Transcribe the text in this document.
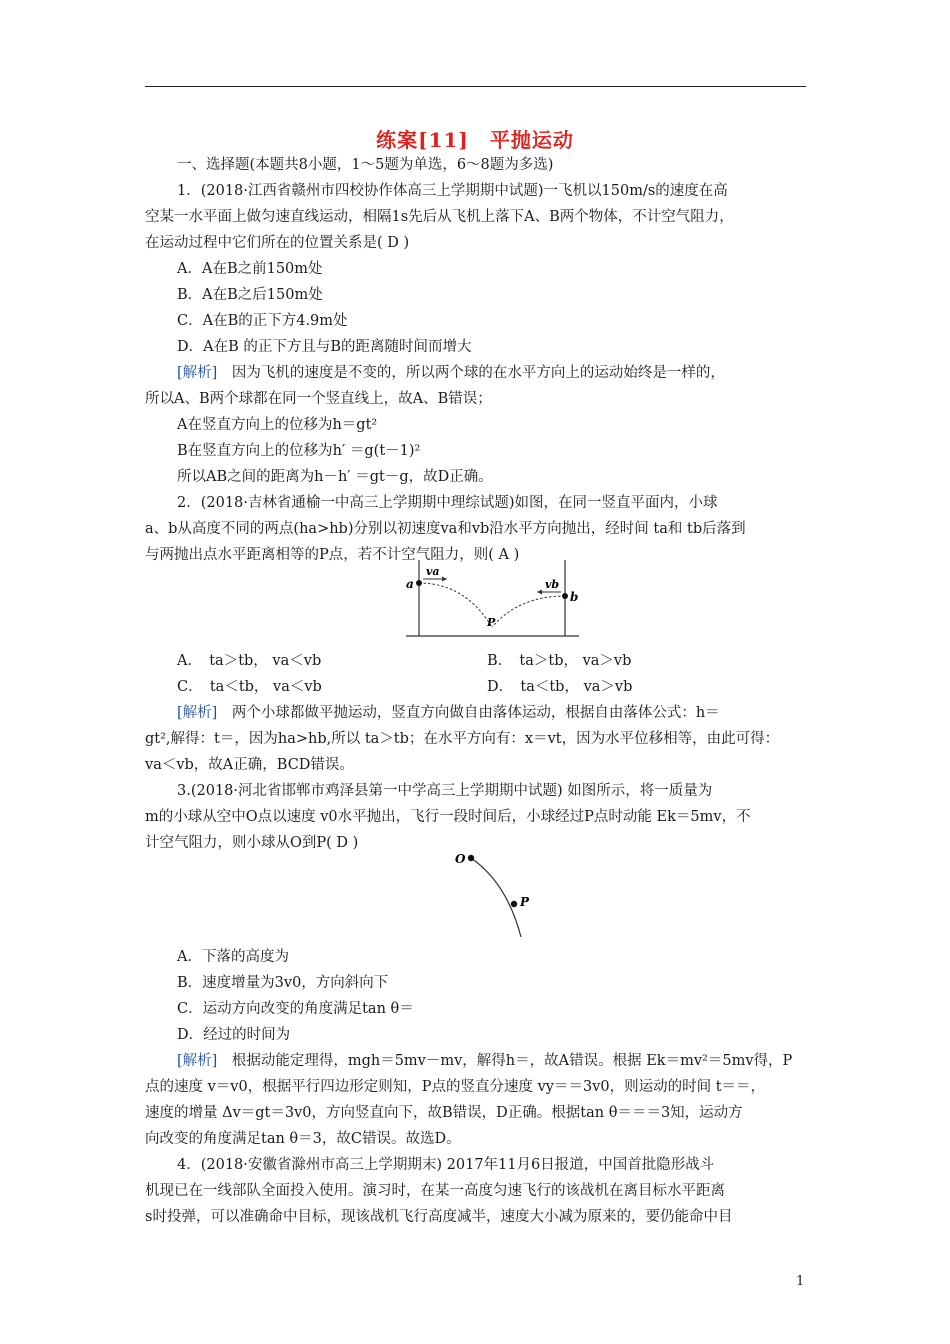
练案[11]　平抛运动
一、选择题(本题共8小题，1～5题为单选，6～8题为多选)
1．(2018·江西省赣州市四校协作体高三上学期期中试题)一飞机以150m/s的速度在高
空某一水平面上做匀速直线运动，相隔1s先后从飞机上落下A、B两个物体，不计空气阻力，
在运动过程中它们所在的位置关系是( D )
A．A在B之前150m处
B．A在B之后150m处
C．A在B的正下方4.9m处
D．A在B 的正下方且与B的距离随时间而增大
[解析]　因为飞机的速度是不变的，所以两个球的在水平方向上的运动始终是一样的，
所以A、B两个球都在同一个竖直线上，故A、B错误；
A在竖直方向上的位移为h＝gt²
B在竖直方向上的位移为h′ ＝g(t－1)²
所以AB之间的距离为h－h′ ＝gt－g，故D正确。
2．(2018·吉林省通榆一中高三上学期期中理综试题)如图，在同一竖直平面内，小球
a、b从高度不同的两点(ha>hb)分别以初速度va和vb沿水平方向抛出，经时间 ta和 tb后落到
与两抛出点水平距离相等的P点，若不计空气阻力，则( A )
a
b
va
vb
P
A．　ta＞tb， va＜vb	B．　ta＞tb， va＞vb
C．　ta＜tb， va＜vb	D．　ta＜tb， va＞vb
[解析]　两个小球都做平抛运动，竖直方向做自由落体运动，根据自由落体公式：h＝
gt²,解得：t＝，因为ha>hb,所以 ta＞tb；在水平方向有：x＝vt，因为水平位移相等，由此可得：
va＜vb，故A正确，BCD错误。
3.(2018·河北省邯郸市鸡泽县第一中学高三上学期期中试题) 如图所示，将一质量为
m的小球从空中O点以速度 v0水平抛出，飞行一段时间后，小球经过P点时动能 Ek＝5mv，不
计空气阻力，则小球从O到P( D )
O
P
A．下落的高度为
B．速度增量为3v0，方向斜向下
C．运动方向改变的角度满足tan θ＝
D．经过的时间为
[解析]　根据动能定理得，mgh＝5mv－mv，解得h＝，故A错误。根据 Ek＝mv²＝5mv得，P
点的速度 v＝v0，根据平行四边形定则知，P点的竖直分速度 vy＝＝3v0，则运动的时间 t＝＝，
速度的增量 Δv＝gt＝3v0，方向竖直向下，故B错误，D正确。根据tan θ＝＝＝3知，运动方
向改变的角度满足tan θ＝3，故C错误。故选D。
4．(2018·安徽省滁州市高三上学期期末) 2017年11月6日报道，中国首批隐形战斗
机现已在一线部队全面投入使用。演习时，在某一高度匀速飞行的该战机在离目标水平距离
s时投弹，可以准确命中目标，现该战机飞行高度减半，速度大小减为原来的，要仍能命中目
1
